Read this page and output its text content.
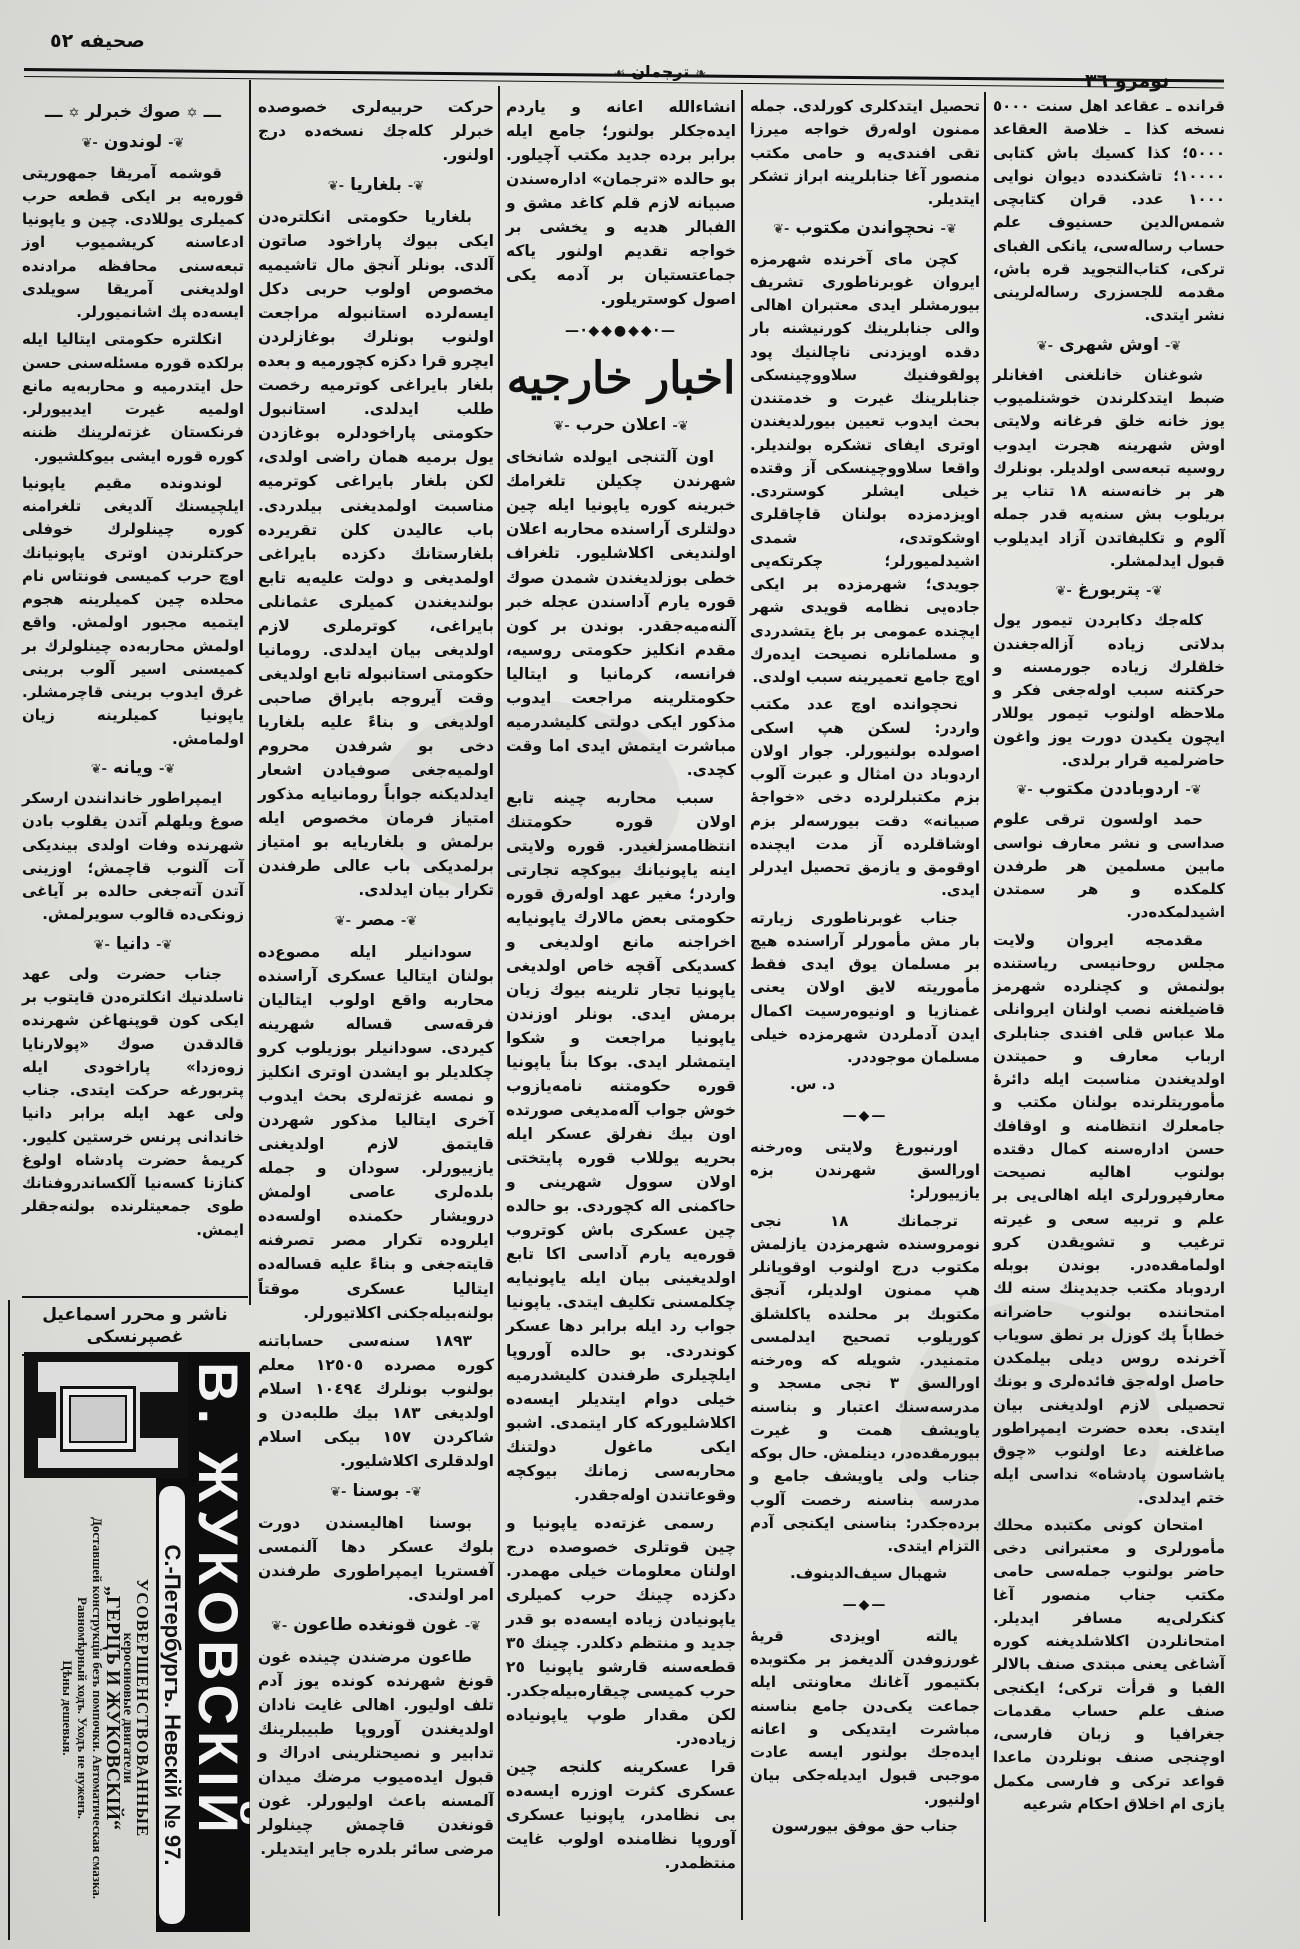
صحیفه ٥٢
❧ترجمان☙	نومرو ٣٦
ـــ✡صوك خبرلر✡ـــ
❦-لوندون-❦

قوشمه آمریقا جمهوریتی قوره‌یه بر ایکی قطعه حرب کمیلری یوللادی. چین و یاپونیا ادعاسنه کریشمیوب اوز تبعه‌سنی محافظه مرادنده اولدیغنی آمریقا سویلدی ایسه‌ده پك اشانمیورلر.

انکلتره حکومتی ایتالیا ایله برلکده قوره مسئله‌سنی حسن حل ایتدرمیه و محاربه‌یه مانع اولمیه غیرت ایدییورلر. فرنکستان غزته‌لرینك ظننه کوره قوره ایشی بیوکلشیور.

لوندونده مقیم یاپونیا ایلچیسنك آلدیغی تلغرامنه کوره چینلولرك خوفلی حرکتلرندن اوتری یاپونیانك اوچ حرب کمیسی فونتاس نام محلده چین کمیلرینه هجوم ایتمیه مجبور اولمش. واقع اولمش محاربه‌ده چینلولرك بر کمیسنی اسیر آلوب برینی غرق ایدوب برینی قاچرمشلر. یاپونیا کمیلرینه زیان اولمامش.

❦-ویانه-❦

ایمپراطور خاندانندن ارسکر صوغ ویلهلم آتدن یقلوب بادن شهرنده وفات اولدی بیندیکی آت آلنوب قاچمش؛ اوزینی آتدن آته‌جغی حالده بر آیاغی زونکی‌ده قالوب سویرلمش.

❦-دانیا-❦

جناب حضرت ولی عهد ناسلدنیك انکلتره‌دن قایتوب بر ایکی کون قوپنهاغن شهرنده قالدقدن صوك «پولارنایا زوه‌زدا» پاراخودی ایله پتربورغه حرکت ایتدی. جناب ولی عهد ایله برابر دانیا خاندانی پرنس خرستین کلیور. کریمهٔ حضرت پادشاه اولوغ کنازنا کسه‌نیا آلکساندروفنانك طوی جمعیتلرنده بولنه‌جقلر ایمش.

حرکت حربیه‌لری خصوصده خبرلر کله‌جك نسخه‌ده درج اولنور.

❦-بلغاریا-❦

بلغاریا حکومتی انکلتره‌دن ایکی بیوك پاراخود صاتون آلدی. بونلر آنجق مال تاشیمیه مخصوص اولوب حربی دکل ایسه‌لرده استانبوله مراجعت اولنوب بونلرك بوغازلردن ایچرو قرا دکزه کچورمیه و بعده بلغار بایراغی کوترمیه رخصت طلب ایدلدی. استانبول حکومتی پاراخودلره بوغازدن یول برمیه همان راضی اولدی، لکن بلغار بایراغی کوترمیه مناسبت اولمدیغنی بیلدردی. باب عالیدن کلن تقریرده بلغارستانك دکزده بایراغی اولمدیغی و دولت علیه‌یه تابع بولندیغندن کمیلری عثمانلی بایراغی، کوترملری لازم اولدیغی بیان ایدلدی. رومانیا حکومتی استانبوله تابع اولدیغی وقت آیروجه بایراق صاحبی اولدیغی و بناءً علیه بلغاریا دخی بو شرفدن محروم اولمیه‌جغی صوفیادن اشعار ایدلدیکنه جواباً رومانیایه مذکور امتیاز فرمان مخصوص ایله برلمش و بلغاریایه بو امتیاز برلمدیکی باب عالی طرفندن تکرار بیان ایدلدی.

❦-مصر-❦

سودانیلر ایله مصوع‌ده بولنان ایتالیا عسکری آراسنده محاربه واقع اولوب ایتالیان فرقه‌سی قساله شهرینه کیردی. سودانیلر بوزیلوب کرو چکلدیلر بو ایشدن اوتری انکلیز و نمسه غزته‌لری بحث ایدوب آخری ایتالیا مذکور شهردن قایتمق لازم اولدیغنی یازییورلر. سودان و جمله بلده‌لری عاصی اولمش درویشار حکمنده اولسه‌ده ایلروده تکرار مصر تصرفنه قایته‌جغی و بناءً علیه قساله‌ده ایتالیا عسکری موقتاً بولنه‌بیله‌جکنی اکلاتیورلر.

١٨٩٣ سنه‌سی حساباتنه کوره مصرده ١٢٥٠٥ معلم بولنوب بونلرك ١٠٤٩٤ اسلام اولدیغی ١٨٣ بیك طلبه‌دن و شاکردن ١٥٧ بیکی اسلام اولدقلری اکلاشلیور.

❦-بوسنا-❦

بوسنا اهالیسندن دورت بلوك عسکر دها آلنمسی آفستریا ایمپراطوری طرفندن امر اولندی.

❦-غون قونغده طاعون-❦

طاعون مرضندن چینده غون قونغ شهرنده کونده یوز آدم تلف اولیور. اهالی غایت نادان اولدیغندن آوروپا طبیبلرینك تدابیر و نصیحتلرینی ادراك و قبول ایده‌میوب مرضك میدان آلمسنه باعث اولیورلر. غون قونغدن قاچمش چینلولر مرضی سائر بلدره جایر ایتدیلر.

انشاءالله اعانه و یاردم ایده‌جکلر بولنور؛ جامع ایله برابر برده جدید مکتب آچیلور. بو حالده «ترجمان» اداره‌سندن صبیانه لازم قلم کاغد مشق و الفبالر هدیه و یخشی بر خواجه تقدیم اولنور یاکه جماعتستیان بر آدمه یکی اصول کوستریلور.

—·◆◆●◆◆·—
اخبار خارجیه
❦-اعلان حرب-❦

اون آلتنجی ایولده شانخای شهرندن چکیلن تلغرامك خبرینه کوره یاپونیا ایله چین دولتلری آراسنده محاربه اعلان اولندیغی اکلاشلیور. تلغراف خطی بوزلدیغندن شمدن صوك قوره یارم آداسندن عجله خبر آلنه‌میه‌جقدر. بوندن بر کون مقدم انکلیز حکومتی روسیه، فرانسه، کرمانیا و ایتالیا حکومتلرینه مراجعت ایدوب مذکور ایکی دولتی کلیشدرمیه مباشرت ایتمش ایدی اما وقت کچدی.

سبب محاربه چینه تابع اولان قوره حکومتنك انتظامسزلغیدر. قوره ولایتی اینه یاپونیانك بیوکچه تجارتی واردر؛ مغیر عهد اوله‌رق قوره حکومتی بعض مالارك یاپونیایه اخراجنه مانع اولدیغی و کسدیکی آقچه خاص اولدیغی یاپونیا تجار تلرینه بیوك زیان برمش ایدی. بونلر اوزندن یاپونیا مراجعت و شکوا ایتمشلر ایدی. بوکا بناً یاپونیا قوره حکومتنه نامه‌یازوب خوش جواب آله‌مدیغی صورتده اون بیك نفرلق عسکر ایله بحریه یوللاب قوره پایتختی اولان سوول شهرینی و حاکمنی اله کچوردی. بو حالده چین عسکری باش کوتروب قوره‌یه یارم آداسی اکا تابع اولدیغینی بیان ایله یاپونیایه چکلمسنی تکلیف ایتدی. یاپونیا جواب رد ایله برابر دها عسکر کوندردی. بو حالده آوروپا ایلچیلری طرفندن کلیشدرمیه خیلی دوام ایتدیلر ایسه‌ده اکلاشلیورکه کار ایتمدی. اشبو ایکی ماغول دولتنك محاربه‌سی زمانك بیوکچه وقوعاتندن اوله‌جقدر.

رسمی غزته‌ده یاپونیا و چین قوتلری خصوصده درج اولنان معلومات خیلی مهمدر. دکزده چینك حرب کمیلری یاپونیادن زیاده ایسه‌ده بو قدر جدید و منتظم دکلدر. چینك ٣٥ قطعه‌سنه قارشو یاپونیا ٢٥ حرب کمیسی چیقاره‌بیله‌جکدر. لکن مقدار طوپ یاپونیاده زیاده‌در.

قرا عسکرینه کلنجه چین عسکری کثرت اوزره ایسه‌ده بی نظامدر، یاپونیا عسکری آوروپا نظامنده اولوب غایت منتظمدر.

تحصیل ایتدکلری کورلدی. جمله ممنون اوله‌رق خواجه میرزا تقی افندی‌یه و حامی مکتب منصور آغا جنابلرینه ابراز تشکر ایتدیلر.

❦-نحچواندن مکتوب-❦

کچن مای آخرنده شهرمزه ایروان غوبرناطوری تشریف بیورمشلر ایدی معتبران اهالی والی جنابلرینك کورنیشنه بار دقده اویزدنی ناچالنیك پود پولقوفنیك سلاووچینسکی جنابلرینك غیرت و خدمتندن بحث ایدوب تعیین بیورلدیغندن اوتری ایفای تشکره بولندیلر. واقعا سلاووچینسکی آز وقتده خیلی ایشلر کوستردی. اویزدمزده بولنان قاچاقلری اوشکوتدی، شمدی اشیدلمیورلر؛ چکرتکه‌یی جویدی؛ شهرمزده بر ایکی جاده‌یی نظامه قویدی شهر ایچنده عمومی بر باغ یتشدردی و مسلمانلره نصیحت ایده‌رك اوچ جامع تعمیرینه سبب اولدی.

نحچوانده اوچ عدد مکتب واردر: لسکن هپ اسکی اصولده بولنیورلر. جوار اولان اردوباد دن امثال و عبرت آلوب بزم مکتبلرلرده دخی «خواجهٔ صبیانه» دقت بیورسه‌لر بزم اوشاقلرده آز مدت ایچنده اوقومق و یازمق تحصیل ایدرلر ایدی.

جناب غوبرناطوری زیارته بار مش مأمورلر آراسنده هیچ بر مسلمان یوق ایدی فقط مأموریته لایق اولان یعنی غمنازیا و اونیوه‌رسیت اکمال ایدن آدملردن شهرمزده خیلی مسلمان موجوددر.

د. س.

—◆—

اورنبورغ ولایتی وه‌رخنه اورالسق شهرندن بزه یازییورلر:

ترجمانك ١٨ نجی نومروسنده شهرمزدن یازلمش مکتوب درج اولنوب اوقویانلر هپ ممنون اولدیلر، آنجق مکتوبك بر محلنده یاکلشلق کوریلوب تصحیح ایدلمسی متمنیدر. شویله که وه‌رخنه اورالسق ٣ نجی مسجد و مدرسه‌سنك اعتبار و بناسنه یاویشف همت و غیرت بیورمقده‌در، دینلمش. حال بوکه جناب ولی یاویشف جامع و مدرسه بناسنه رخصت آلوب برده‌جکدر: بناسنی ایکنجی آدم التزام ایتدی.

شهبال سیف‌الدینوف.

—◆—

یالته اویزدی قریهٔ غورزوفدن آلدیغمز بر مکتوبده بکتیمور آغانك معاونتی ایله جماعت یکی‌دن جامع بناسنه مباشرت ایتدیکی و اعانه ایده‌جك بولنور ایسه عادت موجبی قبول ایدیله‌جکی بیان اولنیور.

جناب حق موفق بیورسون

قرانده ـ عقاعد اهل سنت ٥٠٠٠ نسخه کذا ـ خلاصة العقاعد ٥٠٠٠؛ کذا کسیك باش کتابی ١٠٠٠٠؛ تاشکندده دیوان نوایی ١٠٠٠ عدد. قران کتابچی شمس‌الدین حسنیوف علم حساب رساله‌سی، یانکی الفبای ترکی، کتاب‌التجوید قره باش، مقدمه للجسزری رساله‌لرینی نشر ایتدی.

❦-اوش شهری-❦

شوغنان خانلغنی افغانلر ضبط ایتدکلرندن خوشنلمیوب یوز خانه خلق فرغانه ولایتی اوش شهرینه هجرت ایدوب روسیه تبعه‌سی اولدیلر. بونلرك هر بر خانه‌سنه ١٨ تناب یر بریلوب بش سنه‌یه قدر جمله آلوم و تکلیفاتدن آزاد ایدیلوب قبول ایدلمشلر.

❦-پتربورغ-❦

کله‌جك دکابردن تیمور یول بدلاتی زیاده آزاله‌جغندن خلقلرك زیاده جورمسنه و حرکتنه سبب اوله‌جغی فکر و ملاحظه اولنوب تیمور یوللار ایچون یکیدن دورت یوز واغون حاضرلمیه قرار برلدی.

❦-اردوباددن مکتوب-❦

حمد اولسون ترقی علوم صداسی و نشر معارف نواسی مابین مسلمین هر طرفدن کلمکده و هر سمتدن اشیدلمکده‌در.

مقدمجه ایروان ولایت مجلس روحانیسی ریاستنده بولنمش و کچنلرده شهرمز قاضیلغنه نصب اولنان ایروانلی ملا عباس قلی افندی جنابلری ارباب معارف و حمیتدن اولدیغندن مناسبت ایله دائرهٔ مأموریتلرنده بولنان مکتب و جامعلرك انتظامنه و اوقافك حسن اداره‌سنه کمال دقتده بولنوب اهالیه نصیحت معارفپرورلری ایله اهالی‌یی بر علم و تربیه سعی و غیرته ترغیب و تشویقدن کرو اولمامقده‌در. بوندن بوبله اردوباد مکتب جدیدینك سنه لك امتحاننده بولنوب حاضرانه خطاباً پك کوزل بر نطق سویاب آخرنده روس دیلی بیلمکدن حاصل اوله‌جق فائده‌لری و بونك تحصیلی لازم اولدیغنی بیان ایتدی. بعده حضرت ایمپراطور صاغلغنه دعا اولنوب «چوق یاشاسون پادشاه» نداسی ایله ختم ایدلدی.

امتحان کونی مکتبده محلك مأمورلری و معتبرانی دخی حاضر بولنوب جمله‌سی حامی مکتب جناب منصور آغا کنکرلی‌یه مسافر ایدیلر. امتحانلردن اکلاشلدیغنه کوره آشاغی یعنی مبتدی صنف بالالر الفبا و قرأت ترکی؛ ایکنجی صنف علم حساب مقدمات جغرافیا و زبان فارسی، اوچنجی صنف بونلردن ماعدا قواعد ترکی و فارسی مکمل یازی ام اخلاق احکام شرعیه

ناشر و محرر اسماعیل
غصپرنسکی
В. ЖУКОВСКІЙ
С.-Петербургъ. Невскій № 97.
УСОВЕРШЕНСТВОВАННЫЕ
керосиновые двигатели
„ГЕРЦЪ И ЖУКОВСКІЙ“
Доставшей конструкціи безъ помпочки. Автоматическая смазка. Равномѣрный ходъ. Уходъ не нуженъ.
Цѣны дешевыя.
